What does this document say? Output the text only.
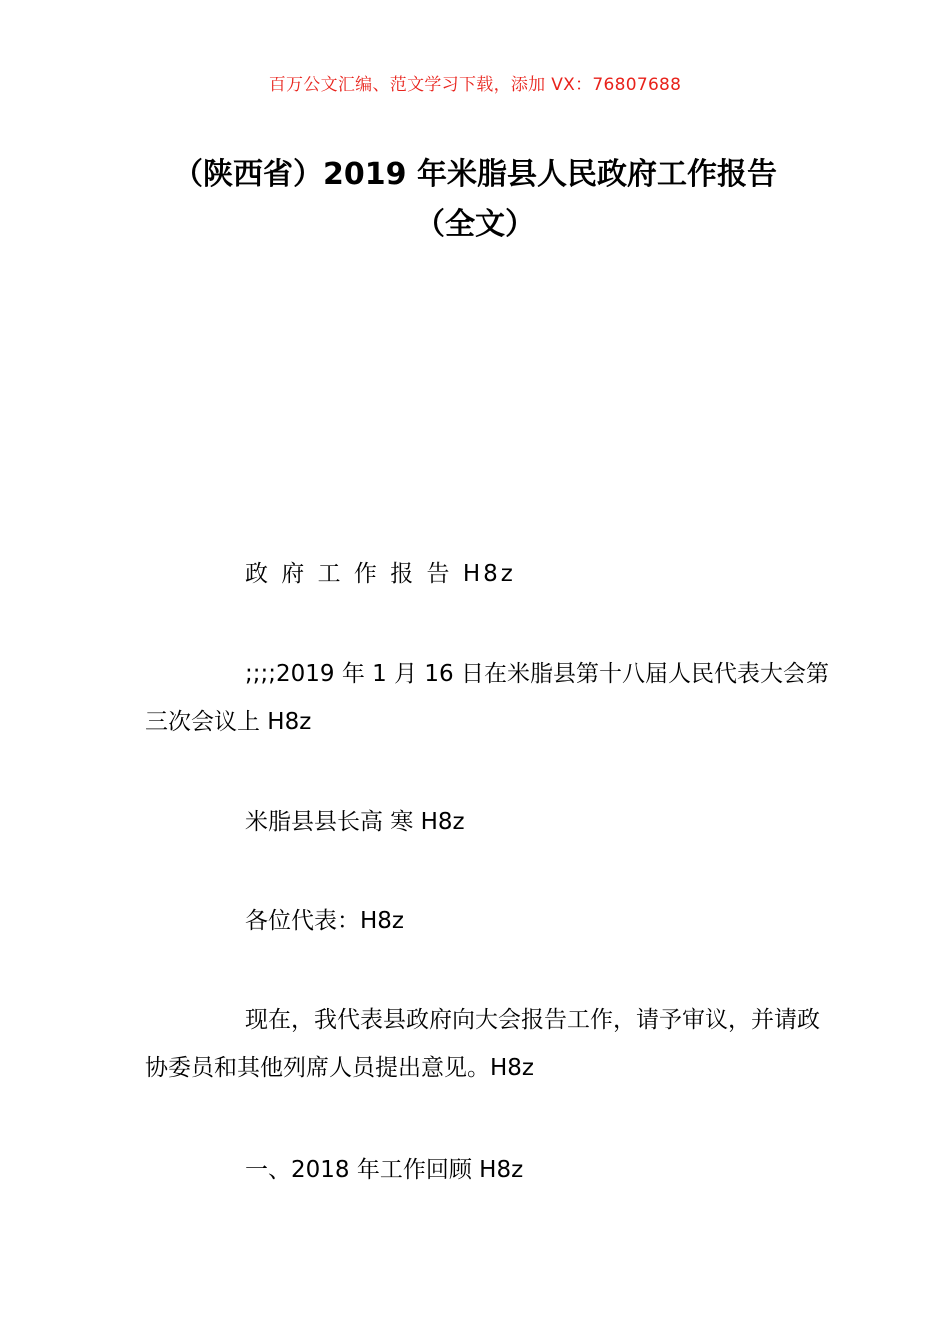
百万公文汇编、范文学习下载，添加 VX：76807688
（陕西省）2019 年米脂县人民政府工作报告（全文）

政 府 工 作 报 告 H8z

;;;;2019 年 1 月 16 日在米脂县第十八届人民代表大会第三次会议上 H8z

米脂县县长高 寒 H8z

各位代表：H8z

现在，我代表县政府向大会报告工作，请予审议，并请政协委员和其他列席人员提出意见。H8z

一、2018 年工作回顾 H8z
